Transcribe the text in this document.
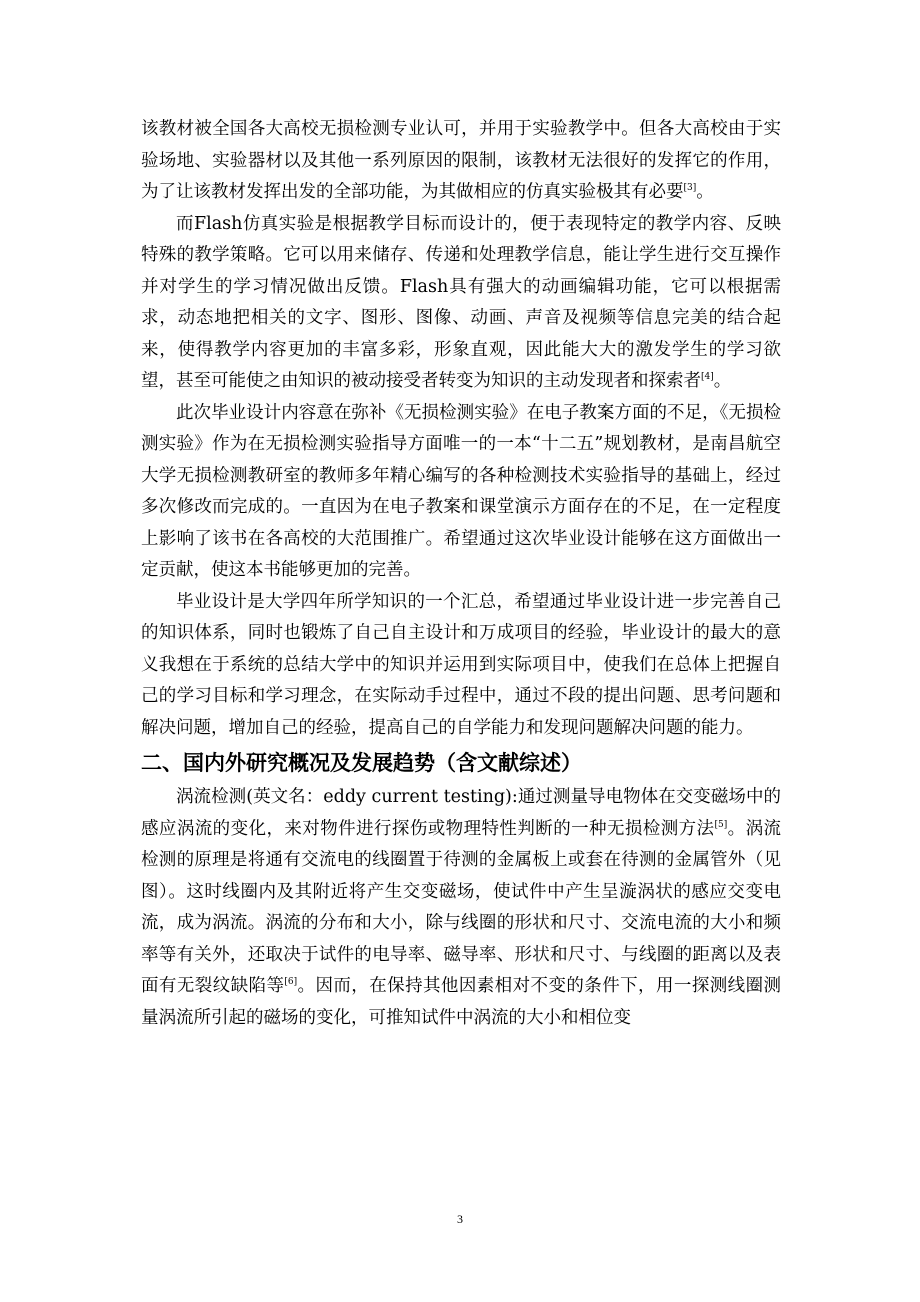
该教材被全国各大高校无损检测专业认可，并用于实验教学中。但各大高校由于实验场地、实验器材以及其他一系列原因的限制，该教材无法很好的发挥它的作用，为了让该教材发挥出发的全部功能，为其做相应的仿真实验极其有必要[3]。

而Flash仿真实验是根据教学目标而设计的，便于表现特定的教学内容、反映特殊的教学策略。它可以用来储存、传递和处理教学信息，能让学生进行交互操作并对学生的学习情况做出反馈。Flash具有强大的动画编辑功能，它可以根据需求，动态地把相关的文字、图形、图像、动画、声音及视频等信息完美的结合起来，使得教学内容更加的丰富多彩，形象直观，因此能大大的激发学生的学习欲望，甚至可能使之由知识的被动接受者转变为知识的主动发现者和探索者[4]。

此次毕业设计内容意在弥补《无损检测实验》在电子教案方面的不足，《无损检测实验》作为在无损检测实验指导方面唯一的一本“十二五”规划教材，是南昌航空大学无损检测教研室的教师多年精心编写的各种检测技术实验指导的基础上，经过多次修改而完成的。一直因为在电子教案和课堂演示方面存在的不足，在一定程度上影响了该书在各高校的大范围推广。希望通过这次毕业设计能够在这方面做出一定贡献，使这本书能够更加的完善。

毕业设计是大学四年所学知识的一个汇总，希望通过毕业设计进一步完善自己的知识体系，同时也锻炼了自己自主设计和万成项目的经验，毕业设计的最大的意义我想在于系统的总结大学中的知识并运用到实际项目中，使我们在总体上把握自己的学习目标和学习理念，在实际动手过程中，通过不段的提出问题、思考问题和解决问题，增加自己的经验，提高自己的自学能力和发现问题解决问题的能力。

二、国内外研究概况及发展趋势（含文献综述）

涡流检测(英文名：eddy current testing):通过测量导电物体在交变磁场中的感应涡流的变化，来对物件进行探伤或物理特性判断的一种无损检测方法[5]。涡流检测的原理是将通有交流电的线圈置于待测的金属板上或套在待测的金属管外（见图）。这时线圈内及其附近将产生交变磁场，使试件中产生呈漩涡状的感应交变电流，成为涡流。涡流的分布和大小，除与线圈的形状和尺寸、交流电流的大小和频率等有关外，还取决于试件的电导率、磁导率、形状和尺寸、与线圈的距离以及表面有无裂纹缺陷等[6]。因而，在保持其他因素相对不变的条件下，用一探测线圈测量涡流所引起的磁场的变化，可推知试件中涡流的大小和相位变

3
